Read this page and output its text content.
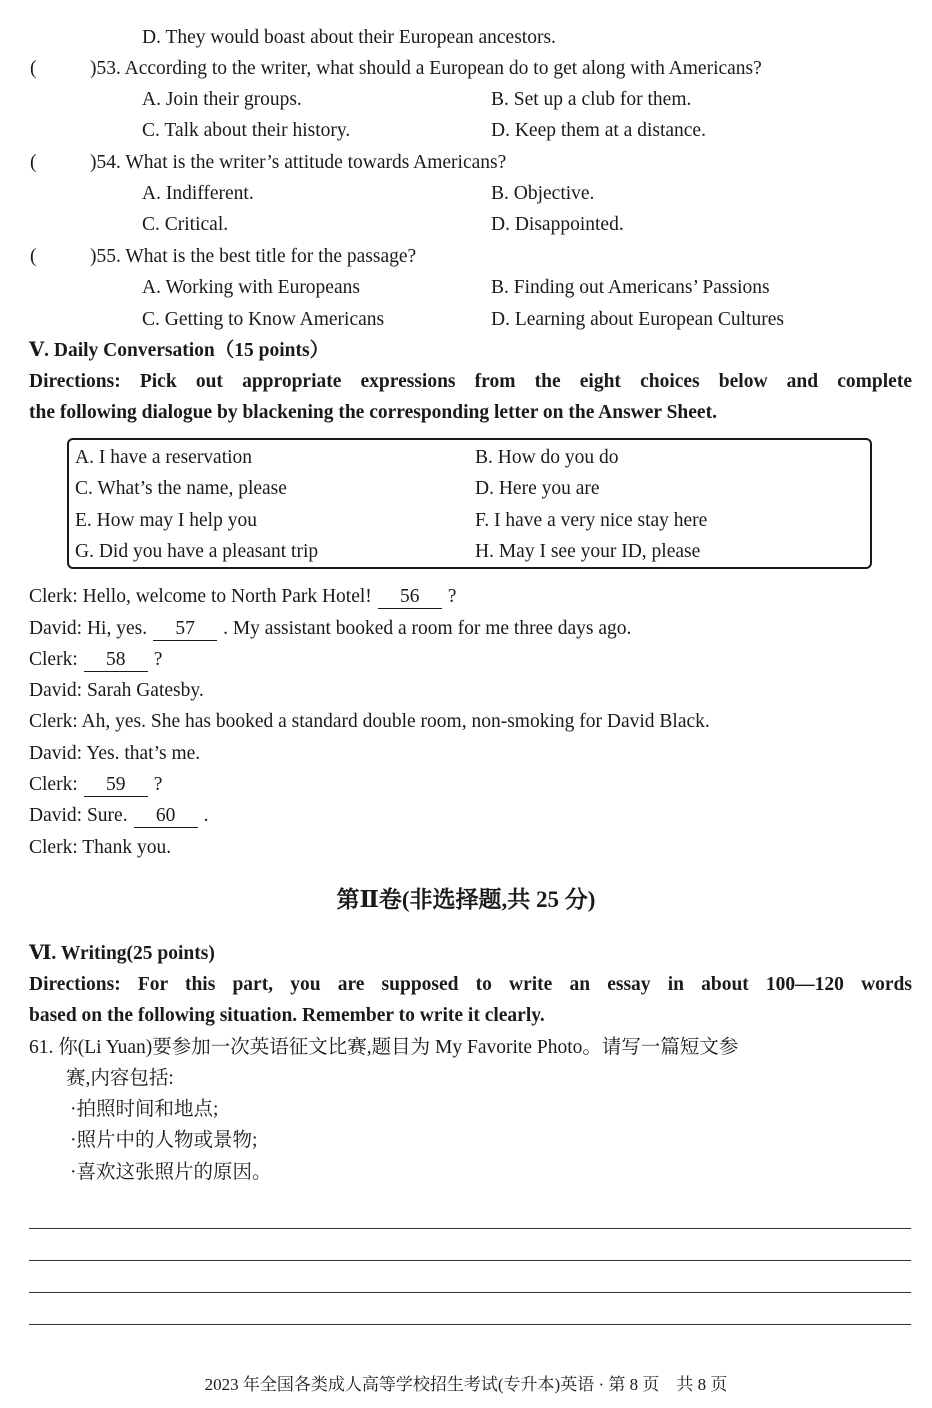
D. They would boast about their European ancestors.
(	)53. According to the writer, what should a European do to get along with Americans?
A. Join their groups.	B. Set up a club for them.
C. Talk about their history.	D. Keep them at a distance.
(	)54. What is the writer’s attitude towards Americans?
A. Indifferent.	B. Objective.
C. Critical.	D. Disappointed.
(	)55. What is the best title for the passage?
A. Working with Europeans	B. Finding out Americans’ Passions
C. Getting to Know Americans	D. Learning about European Cultures
Ⅴ. Daily Conversation（15 points）
Directions: Pick out appropriate expressions from the eight choices below and complete
the following dialogue by blackening the corresponding letter on the Answer Sheet.
A. I have a reservation	B. How do you do
C. What’s the name, please	D. Here you are
E. How may I help you	F. I have a very nice stay here
G. Did you have a pleasant trip	H. May I see your ID, please
Clerk: Hello, welcome to North Park Hotel! 56 ?
David: Hi, yes. 57 . My assistant booked a room for me three days ago.
Clerk: 58 ?
David: Sarah Gatesby.
Clerk: Ah, yes. She has booked a standard double room, non-smoking for David Black.
David: Yes. that’s me.
Clerk: 59 ?
David: Sure. 60 .
Clerk: Thank you.
第Ⅱ卷(非选择题,共 25 分)
Ⅵ. Writing(25 points)
Directions: For this part, you are supposed to write an essay in about 100—120 words
based on the following situation. Remember to write it clearly.
61. 你(Li Yuan)要参加一次英语征文比赛,题目为 My Favorite Photo。请写一篇短文参
赛,内容包括:
·拍照时间和地点;
·照片中的人物或景物;
·喜欢这张照片的原因。
2023 年全国各类成人高等学校招生考试(专升本)英语 · 第 8 页　共 8 页
